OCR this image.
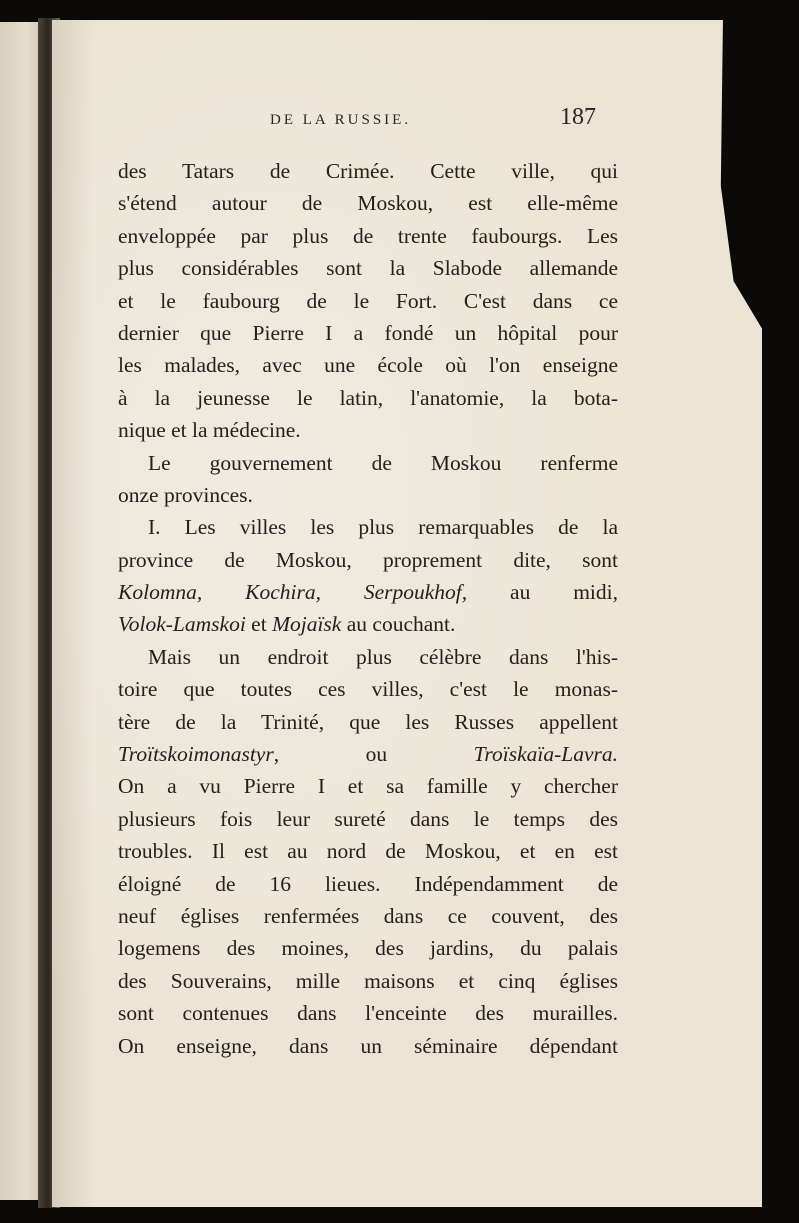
DE LA RUSSIE.	187
des Tatars de Crimée. Cette ville, qui
s'étend autour de Moskou, est elle-même
enveloppée par plus de trente faubourgs. Les
plus considérables sont la Slabode allemande
et le faubourg de le Fort. C'est dans ce
dernier que Pierre I a fondé un hôpital pour
les malades, avec une école où l'on enseigne
à la jeunesse le latin, l'anatomie, la bota-
nique et la médecine.
Le gouvernement de Moskou renferme
onze provinces.
I. Les villes les plus remarquables de la
province de Moskou, proprement dite, sont
Kolomna, Kochira, Serpoukhof, au midi,
Volok-Lamskoi et Mojaïsk au couchant.
Mais un endroit plus célèbre dans l'his-
toire que toutes ces villes, c'est le monas-
tère de la Trinité, que les Russes appellent
Troïtskoimonastyr, ou Troïskaïa-Lavra.
On a vu Pierre I et sa famille y chercher
plusieurs fois leur sureté dans le temps des
troubles. Il est au nord de Moskou, et en est
éloigné de 16 lieues. Indépendamment de
neuf églises renfermées dans ce couvent, des
logemens des moines, des jardins, du palais
des Souverains, mille maisons et cinq églises
sont contenues dans l'enceinte des murailles.
On enseigne, dans un séminaire dépendant
